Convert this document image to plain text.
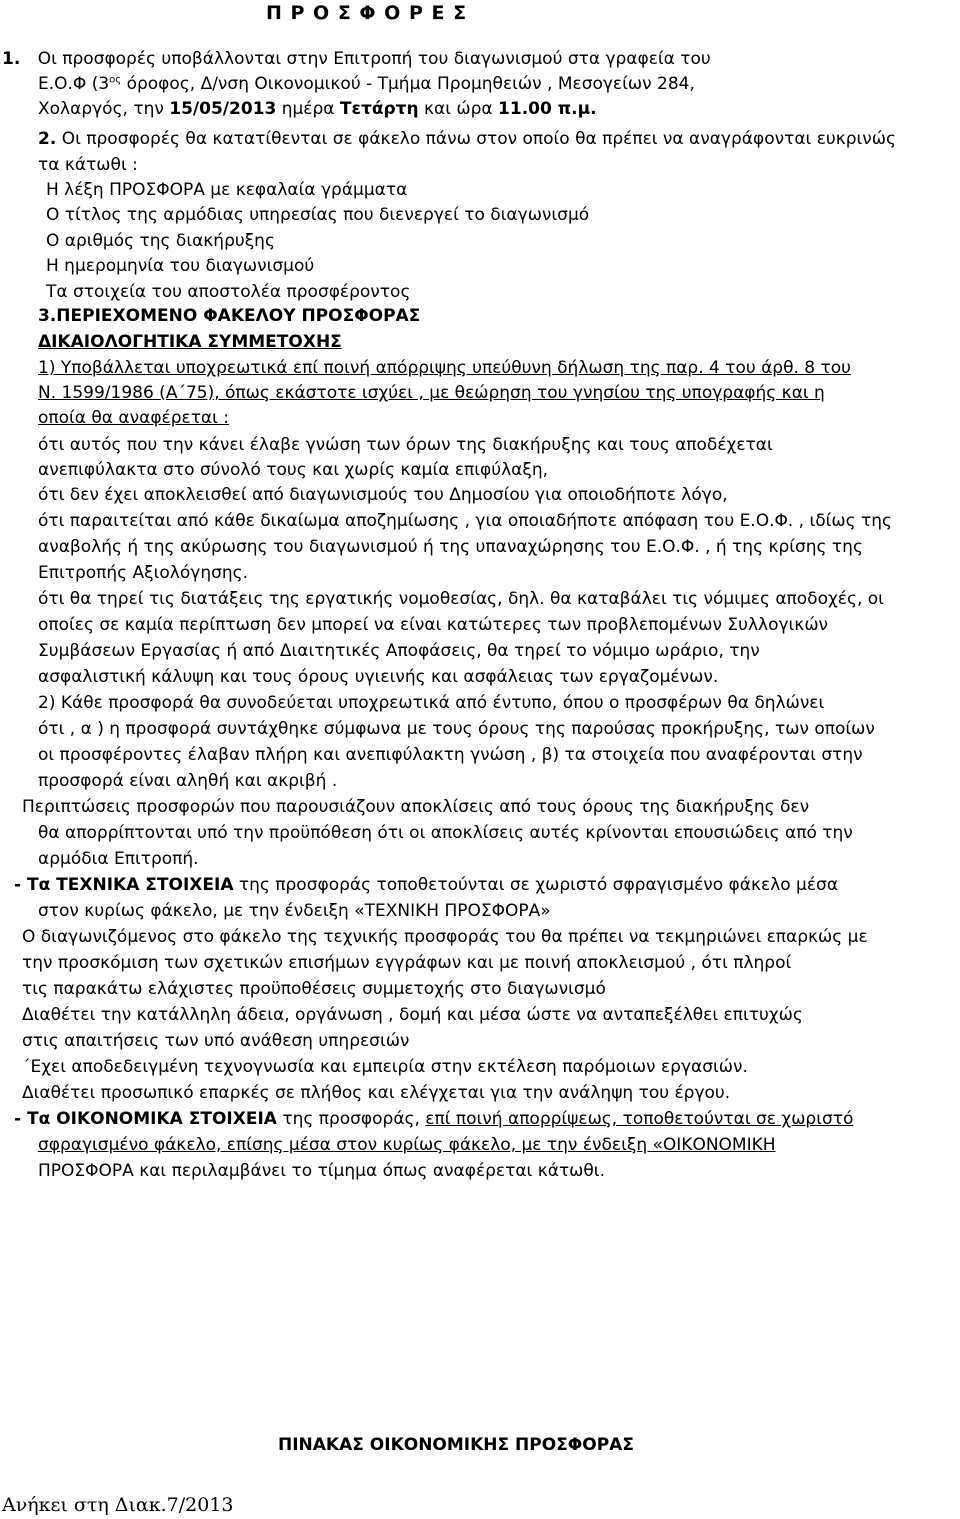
Π Ρ Ο Σ Φ Ο Ρ Ε Σ
1. Οι προσφορές υποβάλλονται στην Επιτροπή του διαγωνισμού στα γραφεία του
Ε.Ο.Φ ($3^{o\varsigma}$ όροφος, Δ/νση Οικονομικού - Τμήμα Προμηθειών , Μεσογείων 284,
Χολαργός, την 15/05/2013 ημέρα Τετάρτη και ώρα 11.00 π.μ.
2. Οι προσφορές θα κατατίθενται σε φάκελο πάνω στον οποίο θα πρέπει να αναγράφονται ευκρινώς
τα κάτωθι :
Η λέξη ΠΡΟΣΦΟΡΑ με κεφαλαία γράμματα
Ο τίτλος της αρμόδιας υπηρεσίας που διενεργεί το διαγωνισμό
Ο αριθμός της διακήρυξης
Η ημερομηνία του διαγωνισμού
Τα στοιχεία του αποστολέα προσφέροντος
3.ΠΕΡΙΕΧΟΜΕΝΟ ΦΑΚΕΛΟΥ ΠΡΟΣΦΟΡΑΣ
ΔΙΚΑΙΟΛΟΓΗΤΙΚΑ ΣΥΜΜΕΤΟΧΗΣ
1) Υποβάλλεται υποχρεωτικά επί ποινή απόρριψης υπεύθυνη δήλωση της παρ. 4 του άρθ. 8 του
Ν. 1599/1986 (Α΄75), όπως εκάστοτε ισχύει , με θεώρηση του γνησίου της υπογραφής και η
οποία θα αναφέρεται :
ότι αυτός που την κάνει έλαβε γνώση των όρων της διακήρυξης και τους αποδέχεται
ανεπιφύλακτα στο σύνολό τους και χωρίς καμία επιφύλαξη,
ότι δεν έχει αποκλεισθεί από διαγωνισμούς του Δημοσίου για οποιοδήποτε λόγο,
ότι παραιτείται από κάθε δικαίωμα αποζημίωσης , για οποιαδήποτε απόφαση του Ε.Ο.Φ. , ιδίως της
αναβολής ή της ακύρωσης του διαγωνισμού ή της υπαναχώρησης του Ε.Ο.Φ. , ή της κρίσης της
Επιτροπής Αξιολόγησης.
ότι θα τηρεί τις διατάξεις της εργατικής νομοθεσίας, δηλ. θα καταβάλει τις νόμιμες αποδοχές, οι
οποίες σε καμία περίπτωση δεν μπορεί να είναι κατώτερες των προβλεπομένων Συλλογικών
Συμβάσεων Εργασίας ή από Διαιτητικές Αποφάσεις, θα τηρεί το νόμιμο ωράριο, την
ασφαλιστική κάλυψη και τους όρους υγιεινής και ασφάλειας των εργαζομένων.
2) Κάθε προσφορά θα συνοδεύεται υποχρεωτικά από έντυπο, όπου ο προσφέρων θα δηλώνει
ότι , α ) η προσφορά συντάχθηκε σύμφωνα με τους όρους της παρούσας προκήρυξης, των οποίων
οι προσφέροντες έλαβαν πλήρη και ανεπιφύλακτη γνώση , β) τα στοιχεία που αναφέρονται στην
προσφορά είναι αληθή και ακριβή .
Περιπτώσεις προσφορών που παρουσιάζουν αποκλίσεις από τους όρους της διακήρυξης δεν
θα απορρίπτονται υπό την προϋπόθεση ότι οι αποκλίσεις αυτές κρίνονται επουσιώδεις από την
αρμόδια Επιτροπή.
- Τα ΤΕΧΝΙΚΑ ΣΤΟΙΧΕΙΑ της προσφοράς τοποθετούνται σε χωριστό σφραγισμένο φάκελο μέσα
στον κυρίως φάκελο, με την ένδειξη «ΤΕΧΝΙΚΗ ΠΡΟΣΦΟΡΑ»
Ο διαγωνιζόμενος στο φάκελο της τεχνικής προσφοράς του θα πρέπει να τεκμηριώνει επαρκώς με
την προσκόμιση των σχετικών επισήμων εγγράφων και με ποινή αποκλεισμού , ότι πληροί
τις παρακάτω ελάχιστες προϋποθέσεις συμμετοχής στο διαγωνισμό
Διαθέτει την κατάλληλη άδεια, οργάνωση , δομή και μέσα ώστε να ανταπεξέλθει επιτυχώς
στις απαιτήσεις των υπό ανάθεση υπηρεσιών
΄Εχει αποδεδειγμένη τεχνογνωσία και εμπειρία στην εκτέλεση παρόμοιων εργασιών.
Διαθέτει προσωπικό επαρκές σε πλήθος και ελέγχεται για την ανάληψη του έργου.
- Τα ΟΙΚΟΝΟΜΙΚΑ ΣΤΟΙΧΕΙΑ της προσφοράς, επί ποινή απορρίψεως, τοποθετούνται σε χωριστό
σφραγισμένο φάκελο, επίσης μέσα στον κυρίως φάκελο, με την ένδειξη «ΟΙΚΟΝΟΜΙΚΗ
ΠΡΟΣΦΟΡΑ και περιλαμβάνει το τίμημα όπως αναφέρεται κάτωθι.
ΠΙΝΑΚΑΣ ΟΙΚΟΝΟΜΙΚΗΣ ΠΡΟΣΦΟΡΑΣ
Ανήκει στη Διακ.7/2013
